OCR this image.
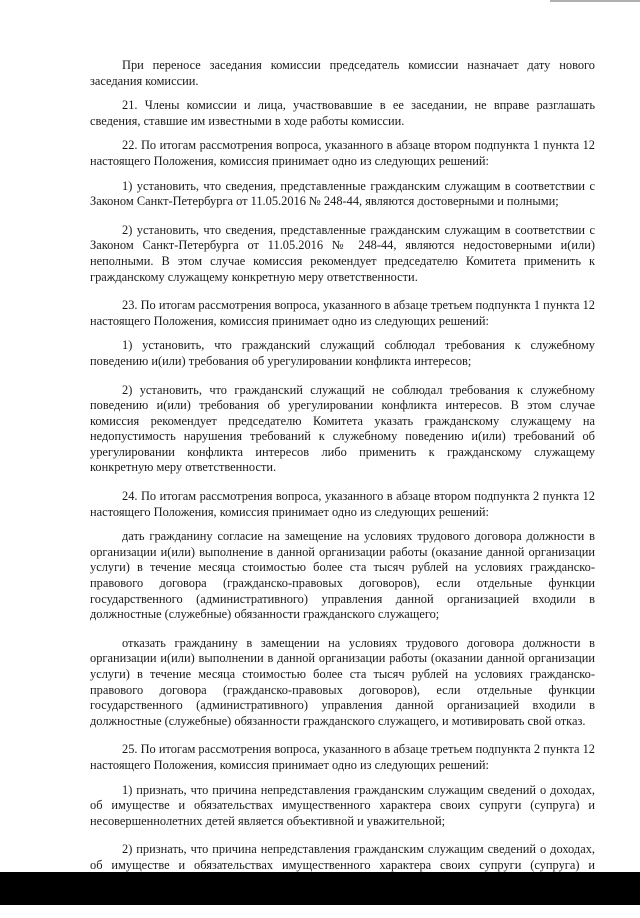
При переносе заседания комиссии председатель комиссии назначает дату нового заседания комиссии.

21. Члены комиссии и лица, участвовавшие в ее заседании, не вправе разглашать сведения, ставшие им известными в ходе работы комиссии.

22. По итогам рассмотрения вопроса, указанного в абзаце втором подпункта 1 пункта 12 настоящего Положения, комиссия принимает одно из следующих решений:

1) установить, что сведения, представленные гражданским служащим в соответствии с Законом Санкт-Петербурга от 11.05.2016 № 248-44, являются достоверными и полными;

2) установить, что сведения, представленные гражданским служащим в соответствии с Законом Санкт-Петербурга от 11.05.2016 № 248-44, являются недостоверными и(или) неполными. В этом случае комиссия рекомендует председателю Комитета применить к гражданскому служащему конкретную меру ответственности.

23. По итогам рассмотрения вопроса, указанного в абзаце третьем подпункта 1 пункта 12 настоящего Положения, комиссия принимает одно из следующих решений:

1) установить, что гражданский служащий соблюдал требования к служебному поведению и(или) требования об урегулировании конфликта интересов;

2) установить, что гражданский служащий не соблюдал требования к служебному поведению и(или) требования об урегулировании конфликта интересов. В этом случае комиссия рекомендует председателю Комитета указать гражданскому служащему на недопустимость нарушения требований к служебному поведению и(или) требований об урегулировании конфликта интересов либо применить к гражданскому служащему конкретную меру ответственности.

24. По итогам рассмотрения вопроса, указанного в абзаце втором подпункта 2 пункта 12 настоящего Положения, комиссия принимает одно из следующих решений:

дать гражданину согласие на замещение на условиях трудового договора должности в организации и(или) выполнение в данной организации работы (оказание данной организации услуги) в течение месяца стоимостью более ста тысяч рублей на условиях гражданско-правового договора (гражданско-правовых договоров), если отдельные функции государственного (административного) управления данной организацией входили в должностные (служебные) обязанности гражданского служащего;

отказать гражданину в замещении на условиях трудового договора должности в организации и(или) выполнении в данной организации работы (оказании данной организации услуги) в течение месяца стоимостью более ста тысяч рублей на условиях гражданско-правового договора (гражданско-правовых договоров), если отдельные функции государственного (административного) управления данной организацией входили в должностные (служебные) обязанности гражданского служащего, и мотивировать свой отказ.

25. По итогам рассмотрения вопроса, указанного в абзаце третьем подпункта 2 пункта 12 настоящего Положения, комиссия принимает одно из следующих решений:

1) признать, что причина непредставления гражданским служащим сведений о доходах, об имуществе и обязательствах имущественного характера своих супруги (супруга) и несовершеннолетних детей является объективной и уважительной;

2) признать, что причина непредставления гражданским служащим сведений о доходах, об имуществе и обязательствах имущественного характера своих супруги (супруга) и
